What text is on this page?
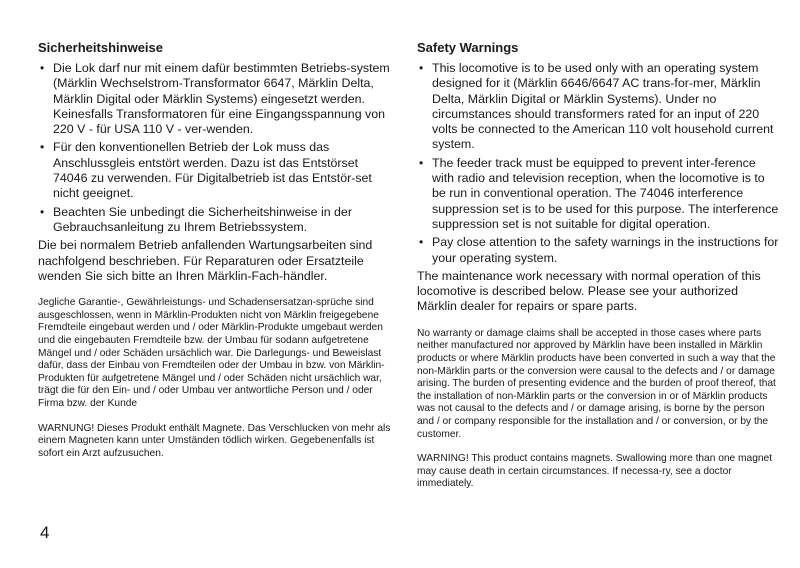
Sicherheitshinweise
• Die Lok darf nur mit einem dafür bestimmten Betriebs-system (Märklin Wechselstrom-Transformator 6647, Märklin Delta, Märklin Digital oder Märklin Systems) eingesetzt werden. Keinesfalls Transformatoren für eine Eingangsspannung von 220 V - für USA 110 V - ver-wenden.
• Für den konventionellen Betrieb der Lok muss das Anschlussgleis entstört werden. Dazu ist das Entstörset 74046 zu verwenden. Für Digitalbetrieb ist das Entstör-set nicht geeignet.
• Beachten Sie unbedingt die Sicherheitshinweise in der Gebrauchsanleitung zu Ihrem Betriebssystem.

Die bei normalem Betrieb anfallenden Wartungsarbeiten sind nachfolgend beschrieben. Für Reparaturen oder Ersatzteile wenden Sie sich bitte an Ihren Märklin-Fach-händler.

Jegliche Garantie-, Gewährleistungs- und Schadensersatzan-sprüche sind ausgeschlossen, wenn in Märklin-Produkten nicht von Märklin freigegebene Fremdteile eingebaut werden und / oder Märklin-Produkte umgebaut werden und die eingebauten Fremdteile bzw. der Umbau für sodann aufgetretene Mängel und / oder Schäden ursächlich war. Die Darlegungs- und Beweislast dafür, dass der Einbau von Fremdteilen oder der Umbau in bzw. von Märklin-Produkten für aufgetretene Mängel und / oder Schäden nicht ursächlich war, trägt die für den Ein- und / oder Umbau ver antwortliche Person und / oder Firma bzw. der Kunde

WARNUNG! Dieses Produkt enthält Magnete. Das Verschlucken von mehr als einem Magneten kann unter Umständen tödlich wirken. Gegebenenfalls ist sofort ein Arzt aufzusuchen.

Safety Warnings
• This locomotive is to be used only with an operating system designed for it (Märklin 6646/6647 AC trans-for-mer, Märklin Delta, Märklin Digital or Märklin Systems). Under no circumstances should transformers rated for an input of 220 volts be connected to the American 110 volt household current system.
• The feeder track must be equipped to prevent inter-ference with radio and television reception, when the locomotive is to be run in conventional operation. The 74046 interference suppression set is to be used for this purpose. The interference suppression set is not suitable for digital operation.
• Pay close attention to the safety warnings in the instructions for your operating system.

The maintenance work necessary with normal operation of this locomotive is described below. Please see your authorized Märklin dealer for repairs or spare parts.

No warranty or damage claims shall be accepted in those cases where parts neither manufactured nor approved by Märklin have been installed in Märklin products or where Märklin products have been converted in such a way that the non-Märklin parts or the conversion were causal to the defects and / or damage arising. The burden of presenting evidence and the burden of proof thereof, that the installation of non-Märklin parts or the conversion in or of Märklin products was not causal to the defects and / or damage arising, is borne by the person and / or company responsible for the installation and / or conversion, or by the customer.

WARNING! This product contains magnets. Swallowing more than one magnet may cause death in certain circumstances. If necessa-ry, see a doctor immediately.

4
